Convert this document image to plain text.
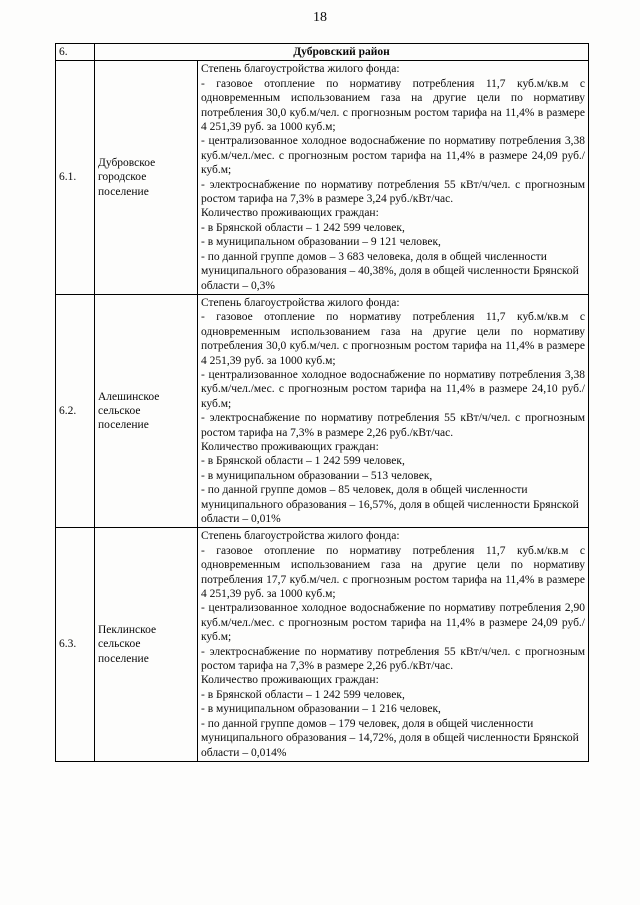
18
6.	Дубровский район	
6.1.	Дубровское городское поселение	
Степень благоустройства жилого фонда:
- газовое отопление по нормативу потребления 11,7 куб.м/кв.м с одновременным использованием газа на другие цели по нормативу потребления 30,0 куб.м/чел. с прогнозным ростом тарифа на 11,4% в размере 4 251,39 руб. за 1000 куб.м;
- централизованное холодное водоснабжение по нормативу потребления 3,38 куб.м/чел./мес. с прогнозным ростом тарифа на 11,4% в размере 24,09 руб./куб.м;
- электроснабжение по нормативу потребления 55 кВт/ч/чел. с прогнозным ростом тарифа на 7,3% в размере 3,24 руб./кВт/час.
Количество проживающих граждан:
- в Брянской области – 1 242 599 человек,
- в муниципальном образовании – 9 121 человек,
- по данной группе домов – 3 683 человека, доля в общей численности муниципального образования – 40,38%, доля в общей численности Брянской области – 0,3%

6.2.	Алешинское сельское поселение	
Степень благоустройства жилого фонда:
- газовое отопление по нормативу потребления 11,7 куб.м/кв.м с одновременным использованием газа на другие цели по нормативу потребления 30,0 куб.м/чел. с прогнозным ростом тарифа на 11,4% в размере 4 251,39 руб. за 1000 куб.м;
- централизованное холодное водоснабжение по нормативу потребления 3,38 куб.м/чел./мес. с прогнозным ростом тарифа на 11,4% в размере 24,10 руб./куб.м;
- электроснабжение по нормативу потребления 55 кВт/ч/чел. с прогнозным ростом тарифа на 7,3% в размере 2,26 руб./кВт/час.
Количество проживающих граждан:
- в Брянской области – 1 242 599 человек,
- в муниципальном образовании – 513 человек,
- по данной группе домов – 85 человек, доля в общей численности муниципального образования – 16,57%, доля в общей численности Брянской области – 0,01%

6.3.	Пеклинское сельское поселение	
Степень благоустройства жилого фонда:
- газовое отопление по нормативу потребления 11,7 куб.м/кв.м с одновременным использованием газа на другие цели по нормативу потребления 17,7 куб.м/чел. с прогнозным ростом тарифа на 11,4% в размере 4 251,39 руб. за 1000 куб.м;
- централизованное холодное водоснабжение по нормативу потребления 2,90 куб.м/чел./мес. с прогнозным ростом тарифа на 11,4% в размере 24,09 руб./куб.м;
- электроснабжение по нормативу потребления 55 кВт/ч/чел. с прогнозным ростом тарифа на 7,3% в размере 2,26 руб./кВт/час.
Количество проживающих граждан:
- в Брянской области – 1 242 599 человек,
- в муниципальном образовании – 1 216 человек,
- по данной группе домов – 179 человек, доля в общей численности муниципального образования – 14,72%, доля в общей численности Брянской области – 0,014%
